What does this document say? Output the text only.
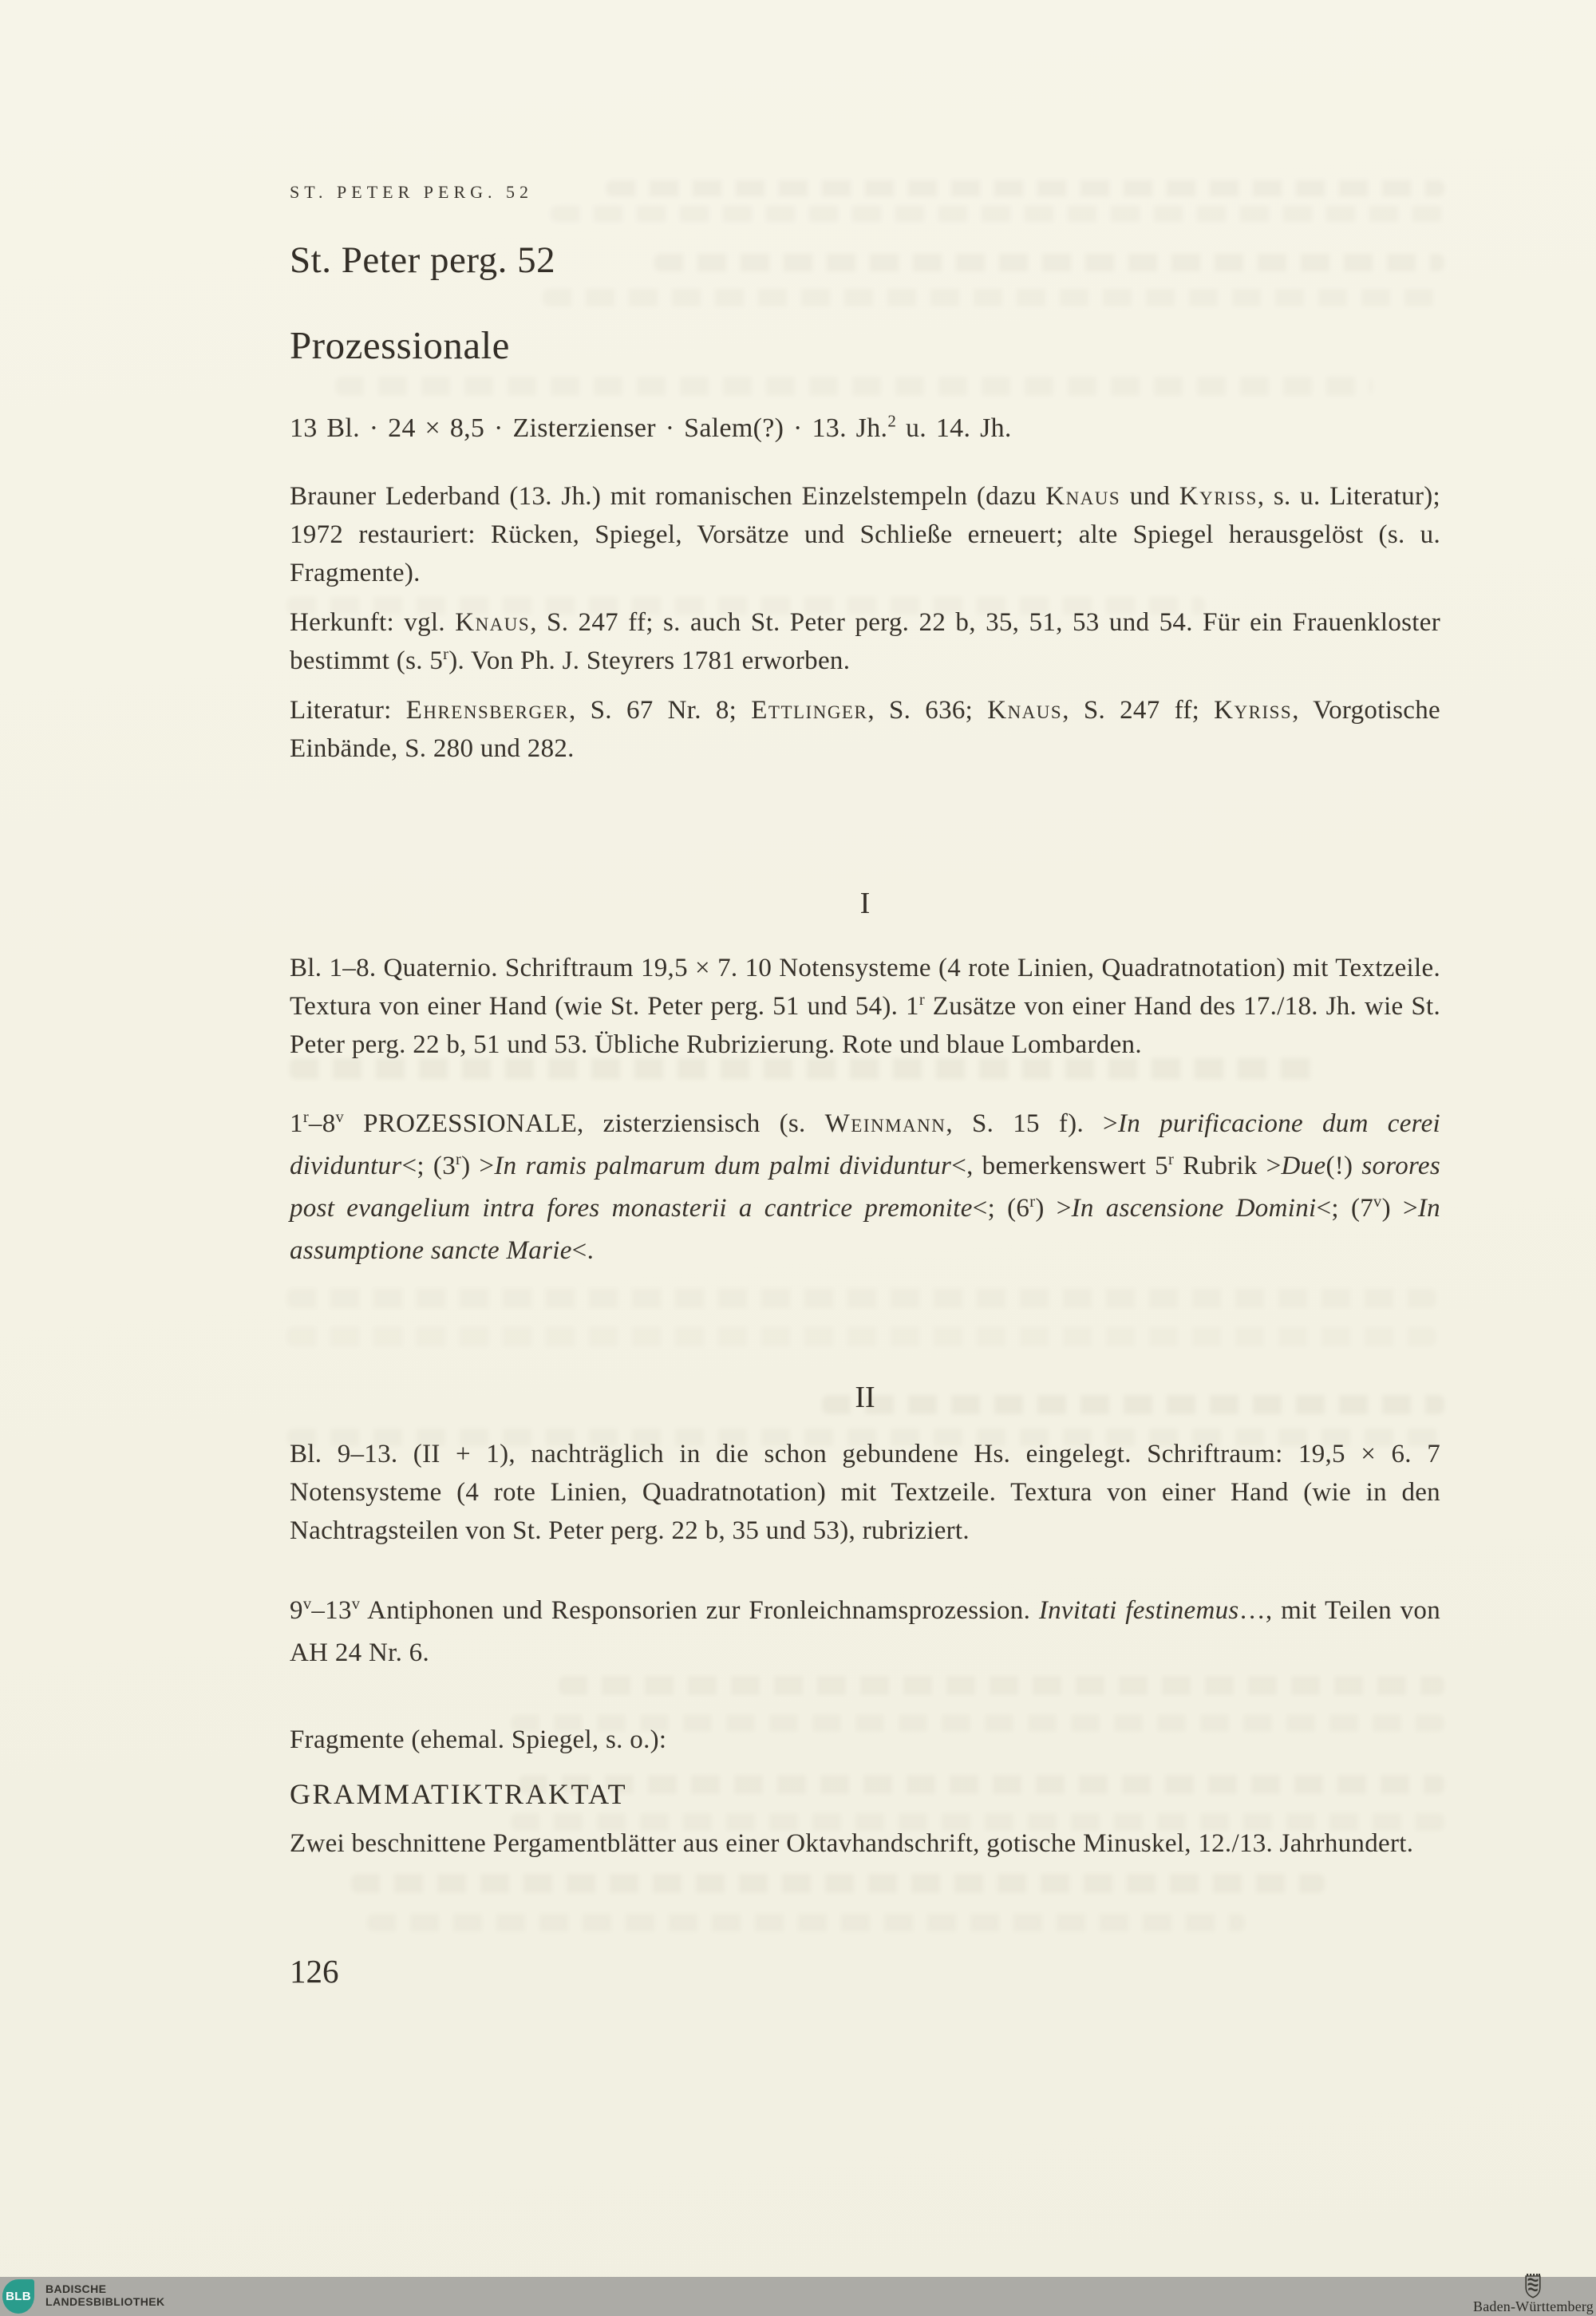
ST. PETER PERG. 52
St. Peter perg. 52
Prozessionale

13 Bl. · 24 × 8,5 · Zisterzienser · Salem(?) · 13. Jh.$^2$ u. 14. Jh.

Brauner Lederband (13. Jh.) mit romanischen Einzelstempeln (dazu Knaus und Kyriss, s. u. Literatur); 1972 restauriert: Rücken, Spiegel, Vorsätze und Schließe erneuert; alte Spiegel herausgelöst (s. u. Fragmente).

Herkunft: vgl. Knaus, S. 247 ff; s. auch St. Peter perg. 22 b, 35, 51, 53 und 54. Für ein Frauenkloster bestimmt (s. 5$^r$). Von Ph. J. Steyrers 1781 erworben.

Literatur: Ehrensberger, S. 67 Nr. 8; Ettlinger, S. 636; Knaus, S. 247 ff; Kyriss, Vorgotische Einbände, S. 280 und 282.

I

Bl. 1–8. Quaternio. Schriftraum 19,5 × 7. 10 Notensysteme (4 rote Linien, Quadratnotation) mit Textzeile. Textura von einer Hand (wie St. Peter perg. 51 und 54). 1$^r$ Zusätze von einer Hand des 17./18. Jh. wie St. Peter perg. 22 b, 51 und 53. Übliche Rubrizierung. Rote und blaue Lombarden.

1$^r$–8$^v$ PROZESSIONALE, zisterziensisch (s. Weinmann, S. 15 f). >In purificacione dum cerei dividuntur<; $(3^r) >In$ ramis palmarum dum palmi dividuntur<, bemerkenswert 5$^r$ Rubrik >Due(!) sorores post evangelium intra fores monasterii a cantrice premonite<; $(6^r) >In$ ascensione Domini<; $(7^v) >In$ assumptione sancte Marie<.

II

Bl. 9–13. (II + 1), nachträglich in die schon gebundene Hs. eingelegt. Schriftraum: 19,5 × 6. 7 Notensysteme (4 rote Linien, Quadratnotation) mit Textzeile. Textura von einer Hand (wie in den Nachtragsteilen von St. Peter perg. 22 b, 35 und 53), rubriziert.

9$^v$–13$^v$ Antiphonen und Responsorien zur Fronleichnamsprozession. Invitati festinemus…, mit Teilen von AH 24 Nr. 6.

Fragmente (ehemal. Spiegel, s. o.):

GRAMMATIKTRAKTAT

Zwei beschnittene Pergamentblätter aus einer Oktavhandschrift, gotische Minuskel, 12./13. Jahrhundert.

126
BLB
BADISCHE
LANDESBIBLIOTHEK	Baden-Württemberg
